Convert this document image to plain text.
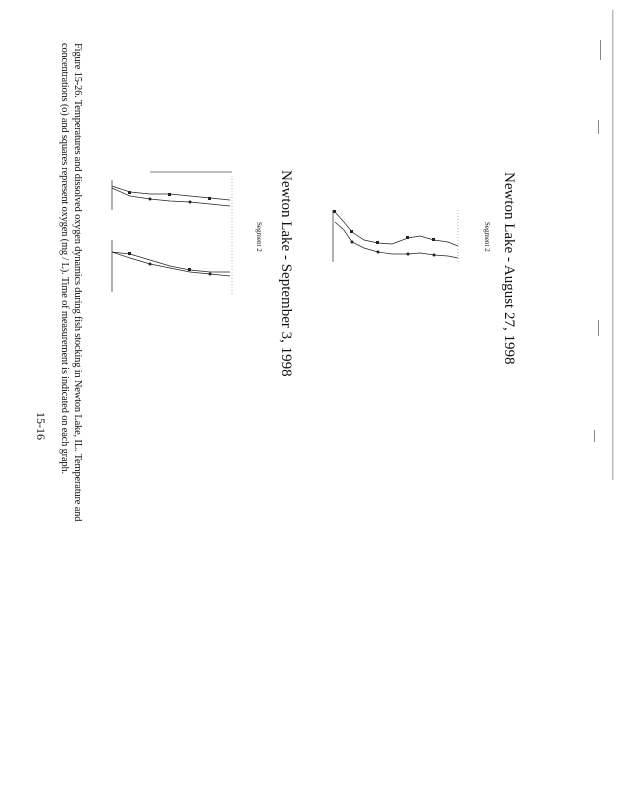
Newton Lake - August 27, 1998
Segment 2
Newton Lake - September 3, 1998
Segment 2
Figure 15-26. Temperatures and dissolved oxygen dynamics during fish stocking in Newton Lake, IL. Temperature and
concentrations (o) and squares represent oxygen (mg / L). Time of measurement is indicated on each graph.
15-16
